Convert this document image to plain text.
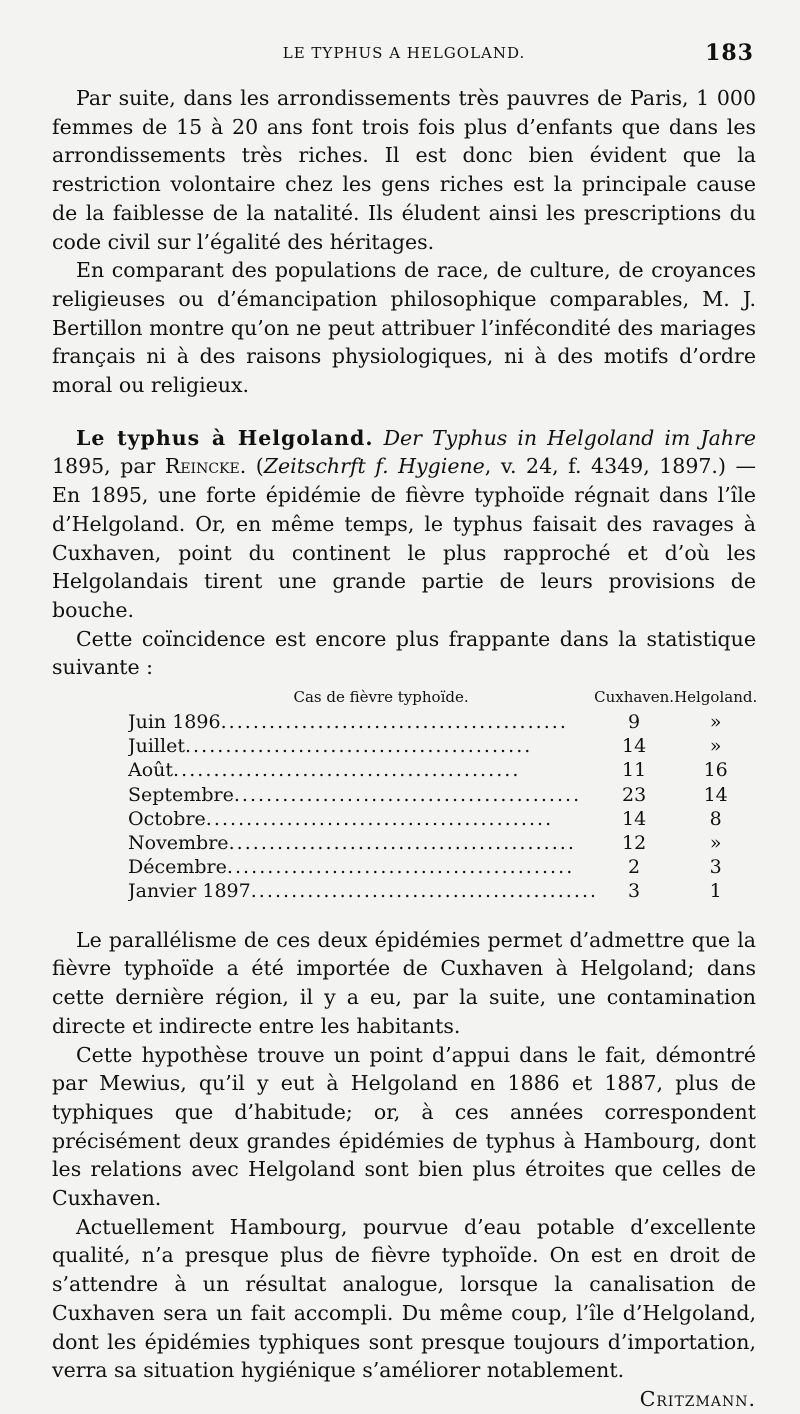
LE TYPHUS A HELGOLAND.	183

Par suite, dans les arrondissements très pauvres de Paris, 1 000 femmes de 15 à 20 ans font trois fois plus d’enfants que dans les arrondissements très riches. Il est donc bien évident que la restriction volontaire chez les gens riches est la principale cause de la faiblesse de la natalité. Ils éludent ainsi les prescriptions du code civil sur l’égalité des héritages.

En comparant des populations de race, de culture, de croyances religieuses ou d’émancipation philosophique comparables, M. J. Bertillon montre qu’on ne peut attribuer l’infécondité des mariages français ni à des raisons physiologiques, ni à des motifs d’ordre moral ou religieux.

Le typhus à Helgoland. Der Typhus in Helgoland im Jahre 1895, par Reincke. (Zeitschrft f. Hygiene, v. 24, f. 4349, 1897.) — En 1895, une forte épidémie de fièvre typhoïde régnait dans l’île d’Helgoland. Or, en même temps, le typhus faisait des ravages à Cuxhaven, point du continent le plus rapproché et d’où les Helgolandais tirent une grande partie de leurs provisions de bouche.

Cette coïncidence est encore plus frappante dans la statistique suivante :

Cas de fièvre typhoïde.	Cuxhaven.	Helgoland.
Juin 1896 . . .	9	»
Juillet . . .	14	»
Août . . .	11	16
Septembre . . .	23	14
Octobre . . .	14	8
Novembre . . .	12	»
Décembre . . .	2	3
Janvier 1897 . . .	3	1

Le parallélisme de ces deux épidémies permet d’admettre que la fièvre typhoïde a été importée de Cuxhaven à Helgoland; dans cette dernière région, il y a eu, par la suite, une contamination directe et indirecte entre les habitants.

Cette hypothèse trouve un point d’appui dans le fait, démontré par Mewius, qu’il y eut à Helgoland en 1886 et 1887, plus de typhiques que d’habitude; or, à ces années correspondent précisément deux grandes épidémies de typhus à Hambourg, dont les relations avec Helgoland sont bien plus étroites que celles de Cuxhaven.

Actuellement Hambourg, pourvue d’eau potable d’excellente qualité, n’a presque plus de fièvre typhoïde. On est en droit de s’attendre à un résultat analogue, lorsque la canalisation de Cuxhaven sera un fait accompli. Du même coup, l’île d’Helgoland, dont les épidémies typhiques sont presque toujours d’importation, verra sa situation hygiénique s’améliorer notablement.
Critzmann.
